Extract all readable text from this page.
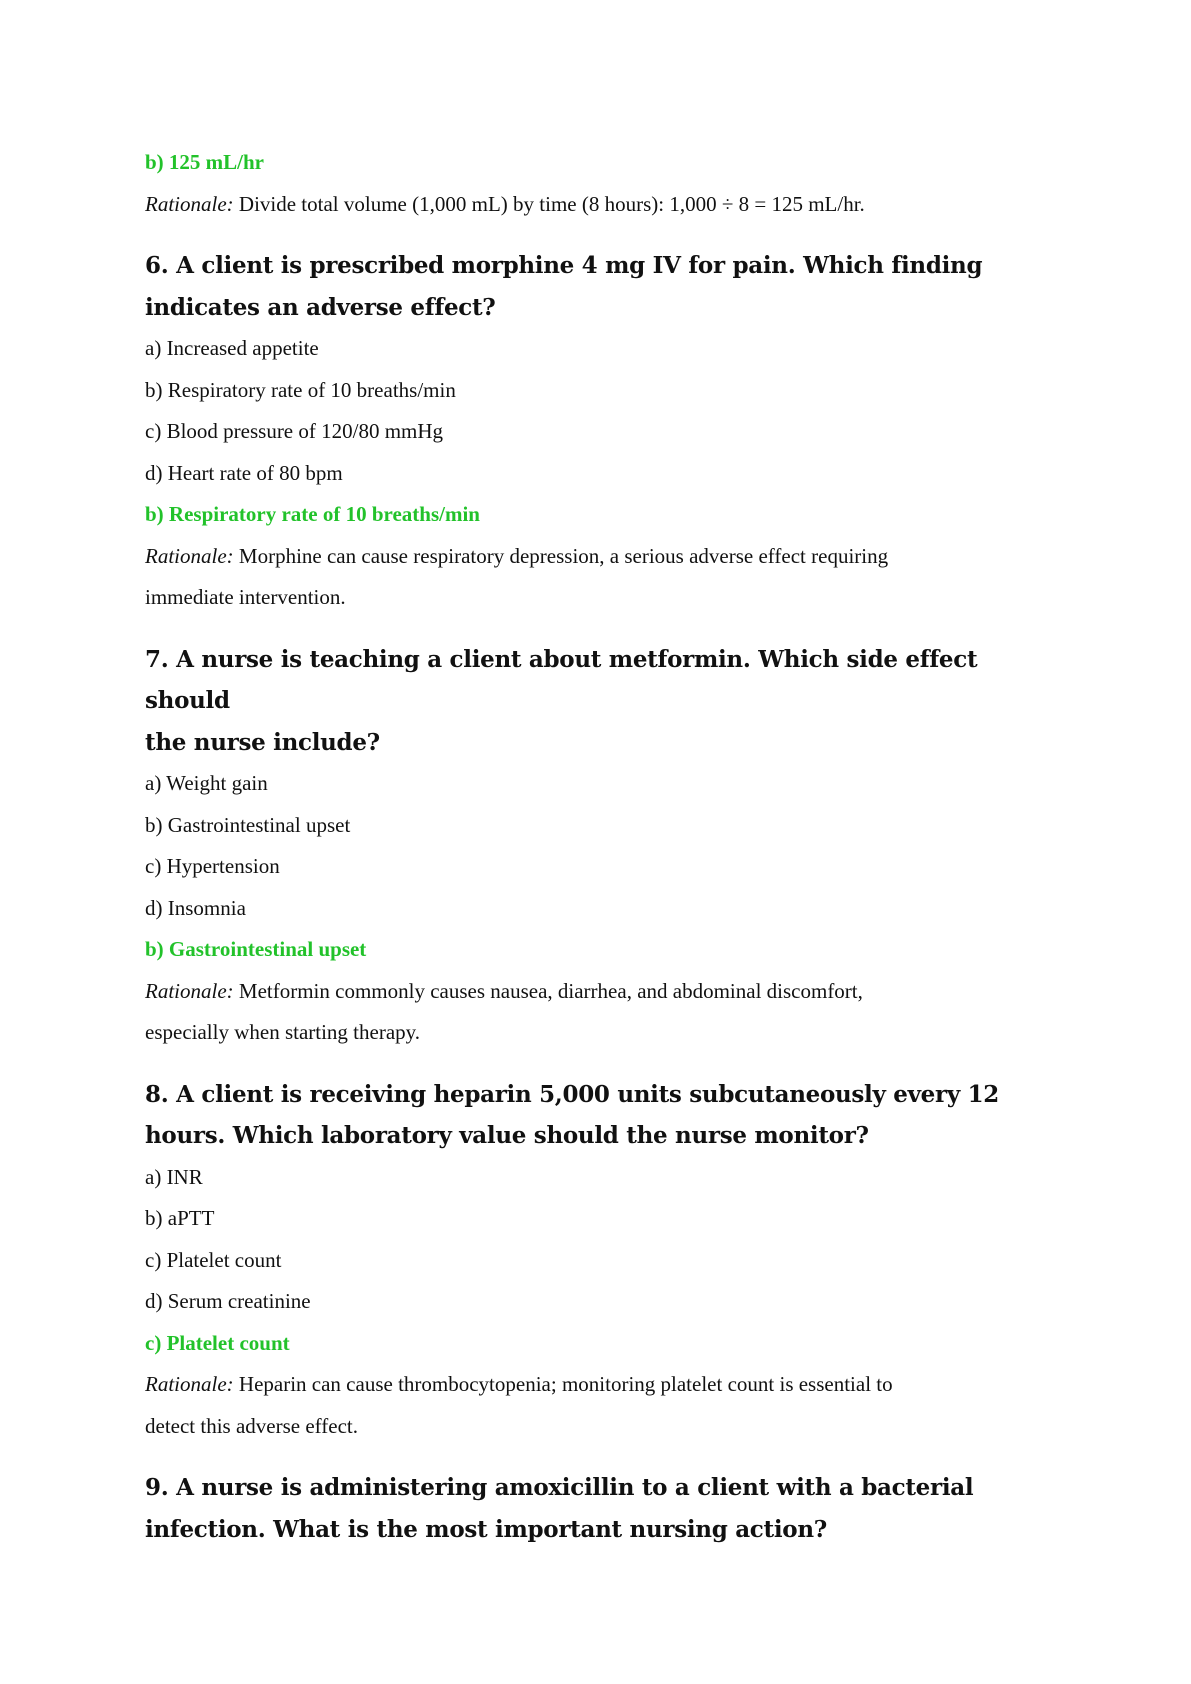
b) 125 mL/hr

Rationale: Divide total volume (1,000 mL) by time (8 hours): 1,000 ÷ 8 = 125 mL/hr.

6. A client is prescribed morphine 4 mg IV for pain. Which finding
indicates an adverse effect?

a) Increased appetite

b) Respiratory rate of 10 breaths/min

c) Blood pressure of 120/80 mmHg

d) Heart rate of 80 bpm

b) Respiratory rate of 10 breaths/min

Rationale: Morphine can cause respiratory depression, a serious adverse effect requiring

immediate intervention.

7. A nurse is teaching a client about metformin. Which side effect should
the nurse include?

a) Weight gain

b) Gastrointestinal upset

c) Hypertension

d) Insomnia

b) Gastrointestinal upset

Rationale: Metformin commonly causes nausea, diarrhea, and abdominal discomfort,

especially when starting therapy.

8. A client is receiving heparin 5,000 units subcutaneously every 12
hours. Which laboratory value should the nurse monitor?

a) INR

b) aPTT

c) Platelet count

d) Serum creatinine

c) Platelet count

Rationale: Heparin can cause thrombocytopenia; monitoring platelet count is essential to

detect this adverse effect.

9. A nurse is administering amoxicillin to a client with a bacterial
infection. What is the most important nursing action?
